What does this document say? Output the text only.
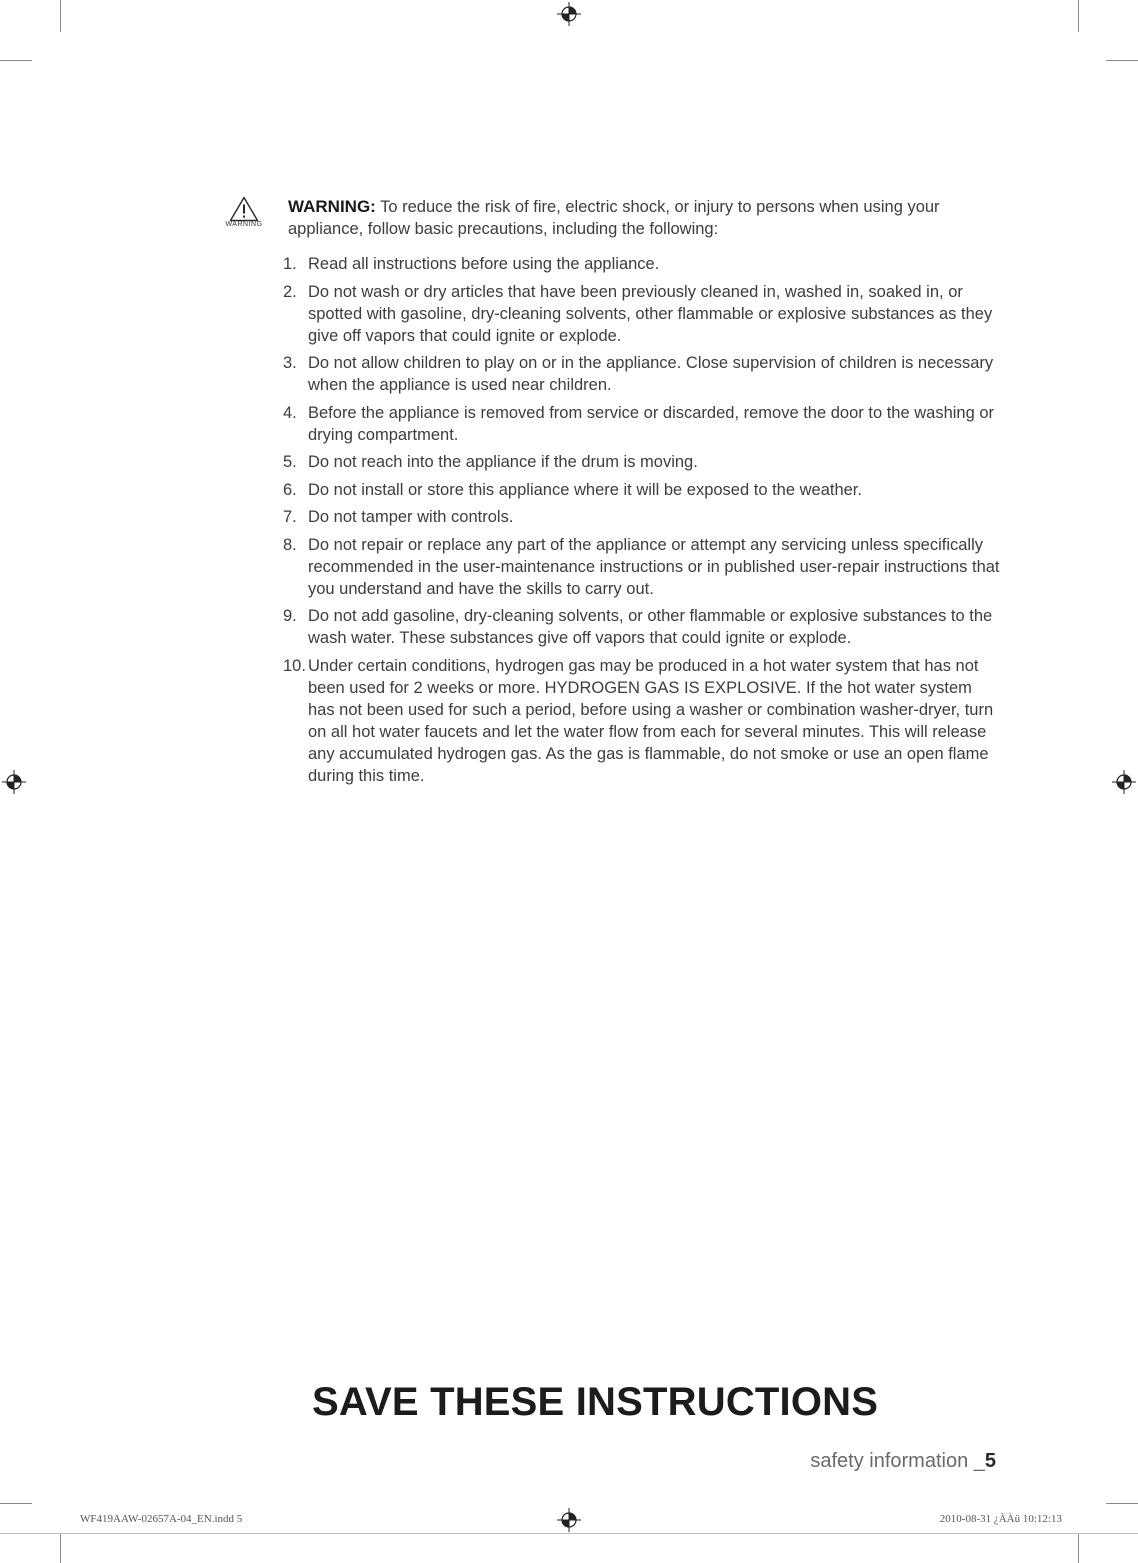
WARNING
WARNING: To reduce the risk of fire, electric shock, or injury to persons when using your appliance, follow basic precautions, including the following:
1. Read all instructions before using the appliance.
2. Do not wash or dry articles that have been previously cleaned in, washed in, soaked in, or spotted with gasoline, dry-cleaning solvents, other flammable or explosive substances as they give off vapors that could ignite or explode.
3. Do not allow children to play on or in the appliance. Close supervision of children is necessary when the appliance is used near children.
4. Before the appliance is removed from service or discarded, remove the door to the washing or drying compartment.
5. Do not reach into the appliance if the drum is moving.
6. Do not install or store this appliance where it will be exposed to the weather.
7. Do not tamper with controls.
8. Do not repair or replace any part of the appliance or attempt any servicing unless specifically recommended in the user-maintenance instructions or in published user-repair instructions that you understand and have the skills to carry out.
9. Do not add gasoline, dry-cleaning solvents, or other flammable or explosive substances to the wash water. These substances give off vapors that could ignite or explode.
10. Under certain conditions, hydrogen gas may be produced in a hot water system that has not been used for 2 weeks or more. HYDROGEN GAS IS EXPLOSIVE. If the hot water system has not been used for such a period, before using a washer or combination washer-dryer, turn on all hot water faucets and let the water flow from each for several minutes. This will release any accumulated hydrogen gas. As the gas is flammable, do not smoke or use an open flame during this time.
SAVE THESE INSTRUCTIONS
safety information _5
WF419AAW-02657A-04_EN.indd 5	2010-08-31 ¿ÀÀü 10:12:13
